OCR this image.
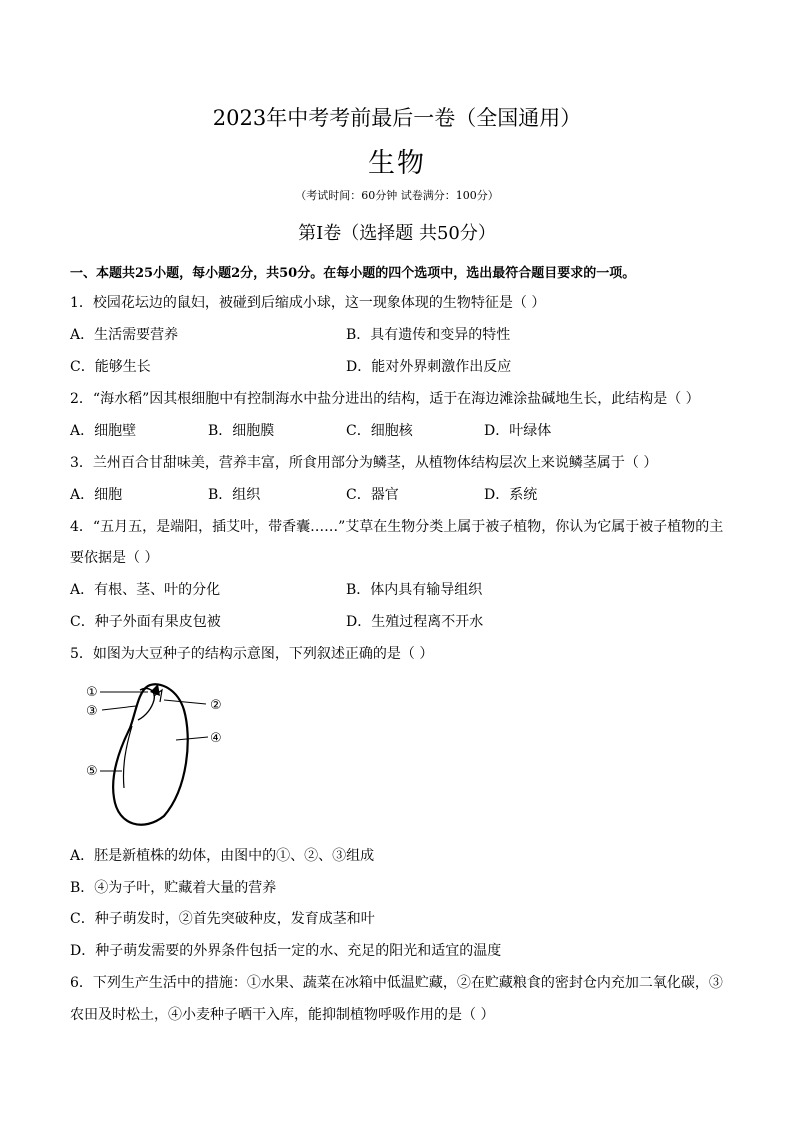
2023年中考考前最后一卷（全国通用）
生物
（考试时间：60分钟 试卷满分：100分）
第Ⅰ卷（选择题 共50分）
一、本题共25小题，每小题2分，共50分。在每小题的四个选项中，选出最符合题目要求的一项。
1．校园花坛边的鼠妇，被碰到后缩成小球，这一现象体现的生物特征是（ ）
A．生活需要营养	B．具有遗传和变异的特性
C．能够生长	D．能对外界刺激作出反应
2．“海水稻”因其根细胞中有控制海水中盐分进出的结构，适于在海边滩涂盐碱地生长，此结构是（ ）
A．细胞壁	B．细胞膜	C．细胞核	D．叶绿体
3．兰州百合甘甜味美，营养丰富，所食用部分为鳞茎，从植物体结构层次上来说鳞茎属于（ ）
A．细胞	B．组织	C．器官	D．系统
4．“五月五，是端阳，插艾叶，带香囊……”艾草在生物分类上属于被子植物，你认为它属于被子植物的主
要依据是（ ）
A．有根、茎、叶的分化	B．体内具有输导组织
C．种子外面有果皮包被	D．生殖过程离不开水
5．如图为大豆种子的结构示意图，下列叙述正确的是（ ）
①
③	②
④
⑤
A．胚是新植株的幼体，由图中的①、②、③组成
B．④为子叶，贮藏着大量的营养
C．种子萌发时，②首先突破种皮，发育成茎和叶
D．种子萌发需要的外界条件包括一定的水、充足的阳光和适宜的温度
6．下列生产生活中的措施：①水果、蔬菜在冰箱中低温贮藏，②在贮藏粮食的密封仓内充加二氧化碳，③
农田及时松土，④小麦种子晒干入库，能抑制植物呼吸作用的是（ ）
